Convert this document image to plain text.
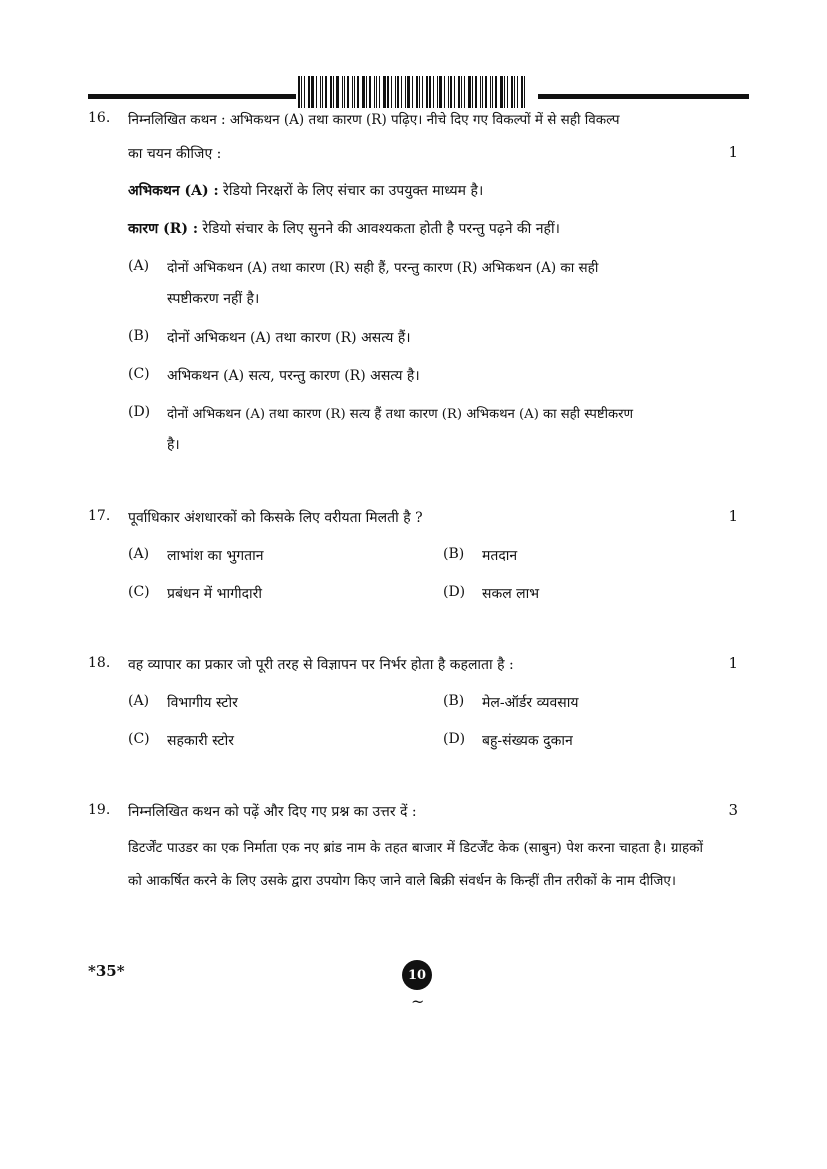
16. निम्नलिखित कथन : अभिकथन (A) तथा कारण (R) पढ़िए। नीचे दिए गए विकल्पों में से सही विकल्प
का चयन कीजिए :	1
अभिकथन (A) : रेडियो निरक्षरों के लिए संचार का उपयुक्त माध्यम है।
कारण (R) : रेडियो संचार के लिए सुनने की आवश्यकता होती है परन्तु पढ़ने की नहीं।
(A) दोनों अभिकथन (A) तथा कारण (R) सही हैं, परन्तु कारण (R) अभिकथन (A) का सही
स्पष्टीकरण नहीं है।
(B) दोनों अभिकथन (A) तथा कारण (R) असत्य हैं।
(C) अभिकथन (A) सत्य, परन्तु कारण (R) असत्य है।
(D) दोनों अभिकथन (A) तथा कारण (R) सत्य हैं तथा कारण (R) अभिकथन (A) का सही स्पष्टीकरण
है।
17. पूर्वाधिकार अंशधारकों को किसके लिए वरीयता मिलती है ?	1
(A) लाभांश का भुगतान	(B) मतदान
(C) प्रबंधन में भागीदारी	(D) सकल लाभ
18. वह व्यापार का प्रकार जो पूरी तरह से विज्ञापन पर निर्भर होता है कहलाता है :	1
(A) विभागीय स्टोर	(B) मेल-ऑर्डर व्यवसाय
(C) सहकारी स्टोर	(D) बहु-संख्यक दुकान
19. निम्नलिखित कथन को पढ़ें और दिए गए प्रश्न का उत्तर दें :	3
डिटर्जेंट पाउडर का एक निर्माता एक नए ब्रांड नाम के तहत बाजार में डिटर्जेंट केक (साबुन) पेश करना चाहता है। ग्राहकों को आकर्षित करने के लिए उसके द्वारा उपयोग किए जाने वाले बिक्री संवर्धन के किन्हीं तीन तरीकों के नाम दीजिए।
*35*	10
~
